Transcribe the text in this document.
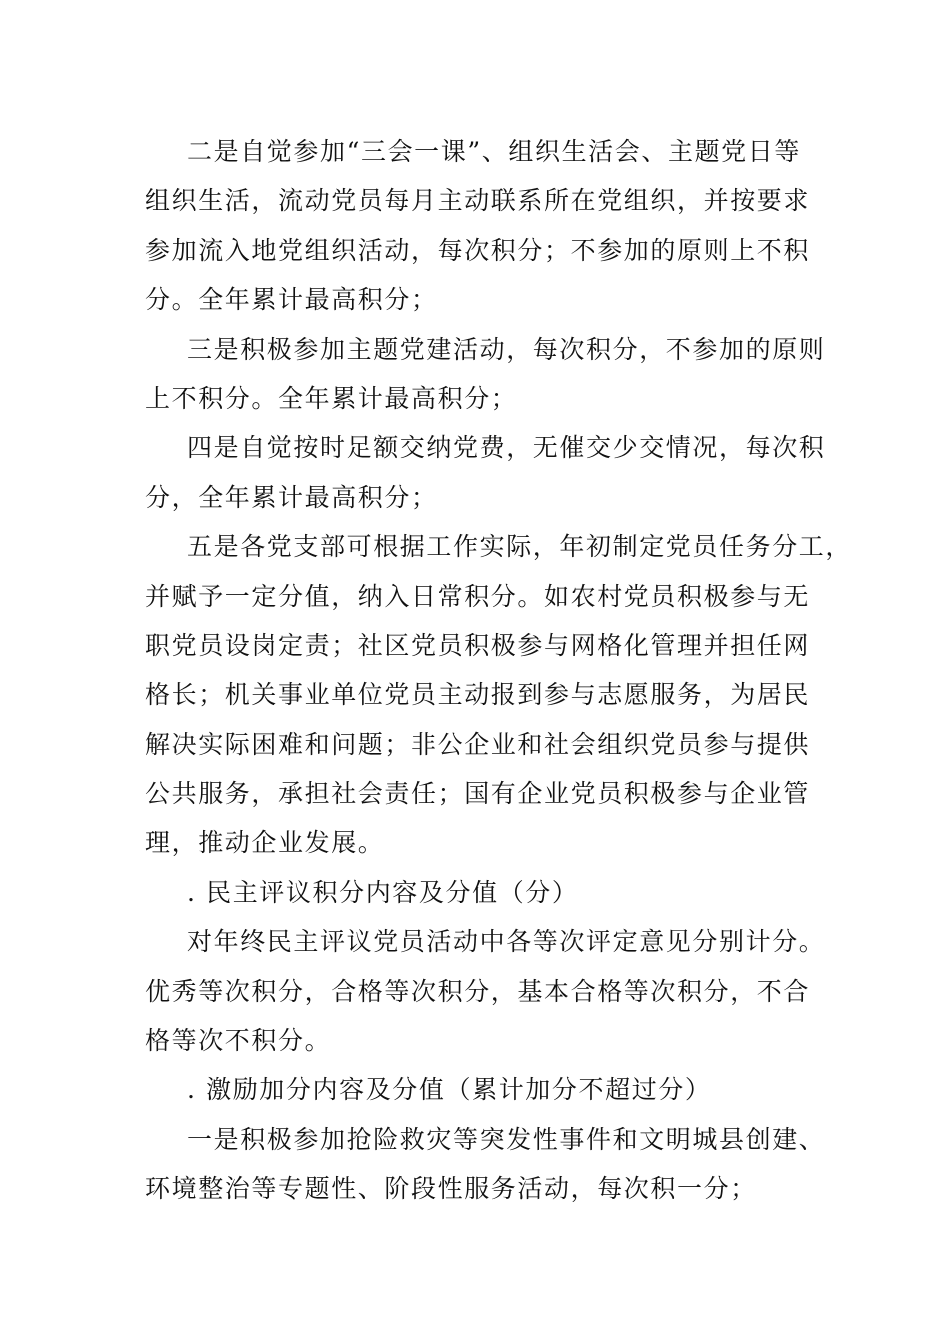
二是自觉参加“三会一课”、组织生活会、主题党日等
组织生活，流动党员每月主动联系所在党组织，并按要求
参加流入地党组织活动，每次积分；不参加的原则上不积
分。全年累计最高积分；
三是积极参加主题党建活动，每次积分，不参加的原则
上不积分。全年累计最高积分；
四是自觉按时足额交纳党费，无催交少交情况，每次积
分，全年累计最高积分；
五是各党支部可根据工作实际，年初制定党员任务分工，
并赋予一定分值，纳入日常积分。如农村党员积极参与无
职党员设岗定责；社区党员积极参与网格化管理并担任网
格长；机关事业单位党员主动报到参与志愿服务，为居民
解决实际困难和问题；非公企业和社会组织党员参与提供
公共服务，承担社会责任；国有企业党员积极参与企业管
理，推动企业发展。
. 民主评议积分内容及分值（分）
对年终民主评议党员活动中各等次评定意见分别计分。
优秀等次积分，合格等次积分，基本合格等次积分，不合
格等次不积分。
. 激励加分内容及分值（累计加分不超过分）
一是积极参加抢险救灾等突发性事件和文明城县创建、
环境整治等专题性、阶段性服务活动，每次积一分；
